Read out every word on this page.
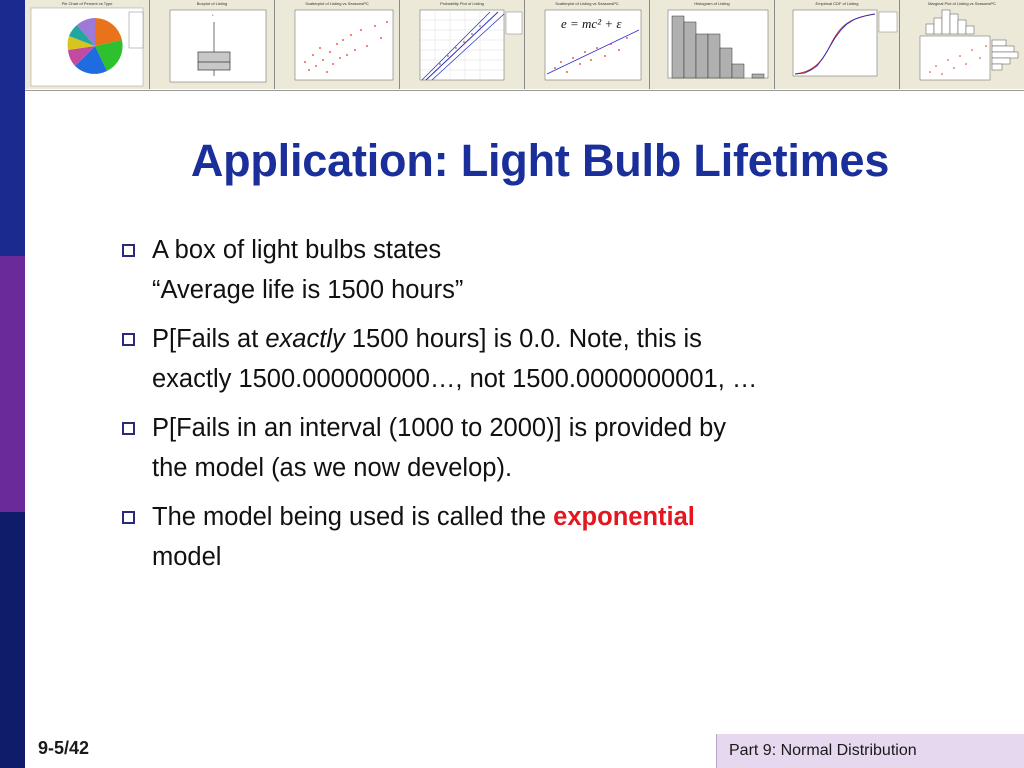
Pie Chart of Percent vs Type
*
Boxplot of Listing	Scatterplot of Listing vs SeasonsPC	Probability Plot of Listing	Scatterplot of Listing vs SeasonsPC
e = mc² + ε
Histogram of Listing	Empirical CDF of Listing	Marginal Plot of Listing vs SeasonsPC
Application: Light Bulb Lifetimes
A box of light bulbs states
“Average life is 1500 hours”
P[Fails at exactly 1500 hours] is 0.0. Note, this is
exactly 1500.000000000…, not 1500.0000000001, …
P[Fails in an interval (1000 to 2000)] is provided by
the model (as we now develop).
The model being used is called the exponential
model
9-5/42	Part 9: Normal Distribution
